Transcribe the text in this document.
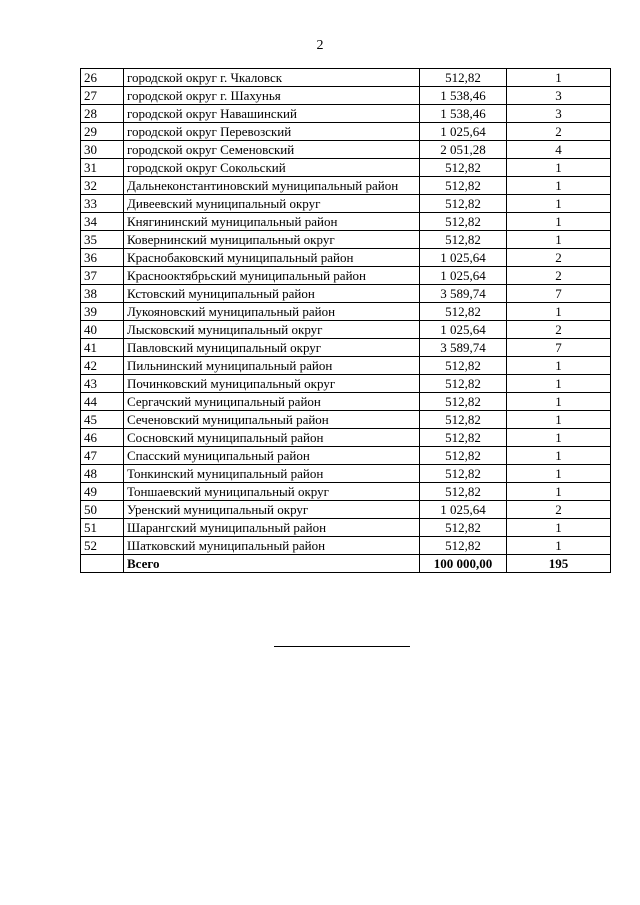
2
26	городской округ г. Чкаловск	512,82	1
27	городской округ г. Шахунья	1 538,46	3
28	городской округ Навашинский	1 538,46	3
29	городской округ Перевозский	1 025,64	2
30	городской округ Семеновский	2 051,28	4
31	городской округ Сокольский	512,82	1
32	Дальнеконстантиновский муниципальный район	512,82	1
33	Дивеевский муниципальный округ	512,82	1
34	Княгининский муниципальный район	512,82	1
35	Ковернинский муниципальный округ	512,82	1
36	Краснобаковский муниципальный район	1 025,64	2
37	Краснооктябрьский муниципальный район	1 025,64	2
38	Кстовский муниципальный район	3 589,74	7
39	Лукояновский муниципальный район	512,82	1
40	Лысковский муниципальный округ	1 025,64	2
41	Павловский муниципальный округ	3 589,74	7
42	Пильнинский муниципальный район	512,82	1
43	Починковский муниципальный округ	512,82	1
44	Сергачский муниципальный район	512,82	1
45	Сеченовский муниципальный район	512,82	1
46	Сосновский муниципальный район	512,82	1
47	Спасский муниципальный район	512,82	1
48	Тонкинский муниципальный район	512,82	1
49	Тоншаевский муниципальный округ	512,82	1
50	Уренский муниципальный округ	1 025,64	2
51	Шарангский муниципальный район	512,82	1
52	Шатковский муниципальный район	512,82	1
	Всего	100 000,00	195
